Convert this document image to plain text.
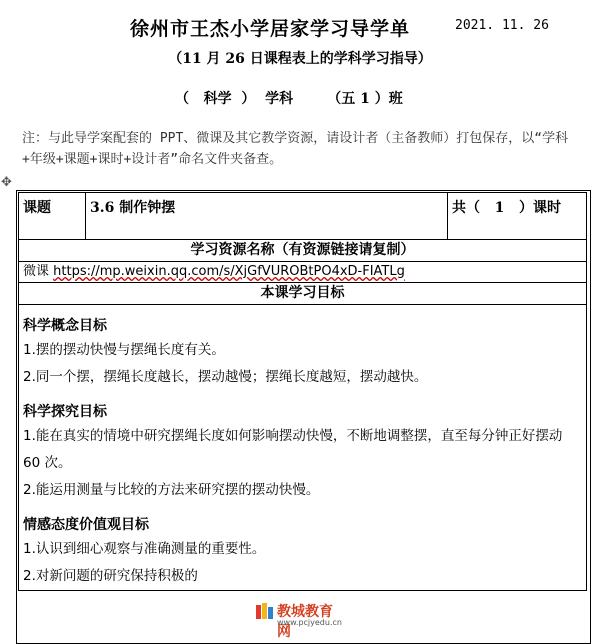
徐州市王杰小学居家学习导学单	2021. 11. 26
（11 月 26 日课程表上的学科学习指导）
（   科学  ）  学科       （五 1 ）班
注：与此导学案配套的 PPT、微课及其它教学资源，请设计者（主备教师）打包保存，以“学科+年级+课题+课时+设计者”命名文件夹备查。
✥
课题	3.6 制作钟摆	共（   1   ）课时
学习资源名称（有资源链接请复制）
微课 https://mp.weixin.qq.com/s/XjGfVUROBtPO4xD-FIATLg
本课学习目标

科学概念目标
1.摆的摆动快慢与摆绳长度有关。
2.同一个摆，摆绳长度越长，摆动越慢；摆绳长度越短，摆动越快。
科学探究目标
1.能在真实的情境中研究摆绳长度如何影响摆动快慢，不断地调整摆，直至每分钟正好摆动 60 次。
2.能运用测量与比较的方法来研究摆的摆动快慢。
情感态度价值观目标
1.认识到细心观察与准确测量的重要性。
2.对新问题的研究保持积极的
教城教育网
www.pcjyedu.cn
